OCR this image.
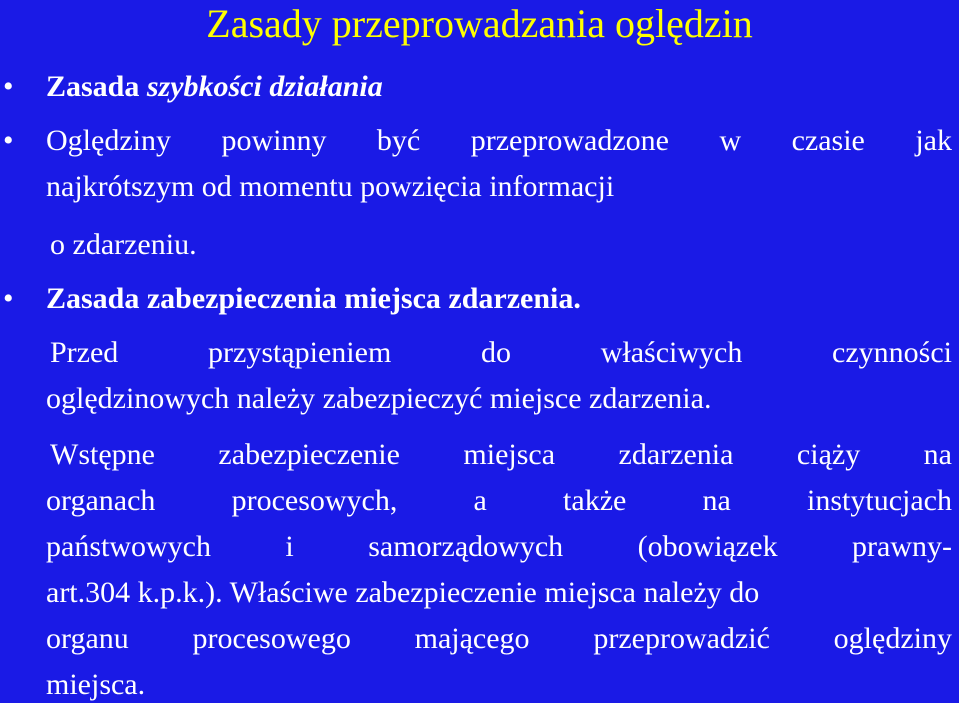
Zasady przeprowadzania oględzin
• Zasada szybkości działania
• Oględziny powinny być przeprowadzone w czasie jak
najkrótszym od momentu powzięcia informacji
o zdarzeniu.
• Zasada zabezpieczenia miejsca zdarzenia.
Przed przystąpieniem do właściwych czynności
oględzinowych należy zabezpieczyć miejsce zdarzenia.
Wstępne zabezpieczenie miejsca zdarzenia ciąży na
organach procesowych, a także na instytucjach
państwowych i samorządowych (obowiązek prawny-
art.304 k.p.k.). Właściwe zabezpieczenie miejsca należy do
organu procesowego mającego przeprowadzić oględziny
miejsca.
